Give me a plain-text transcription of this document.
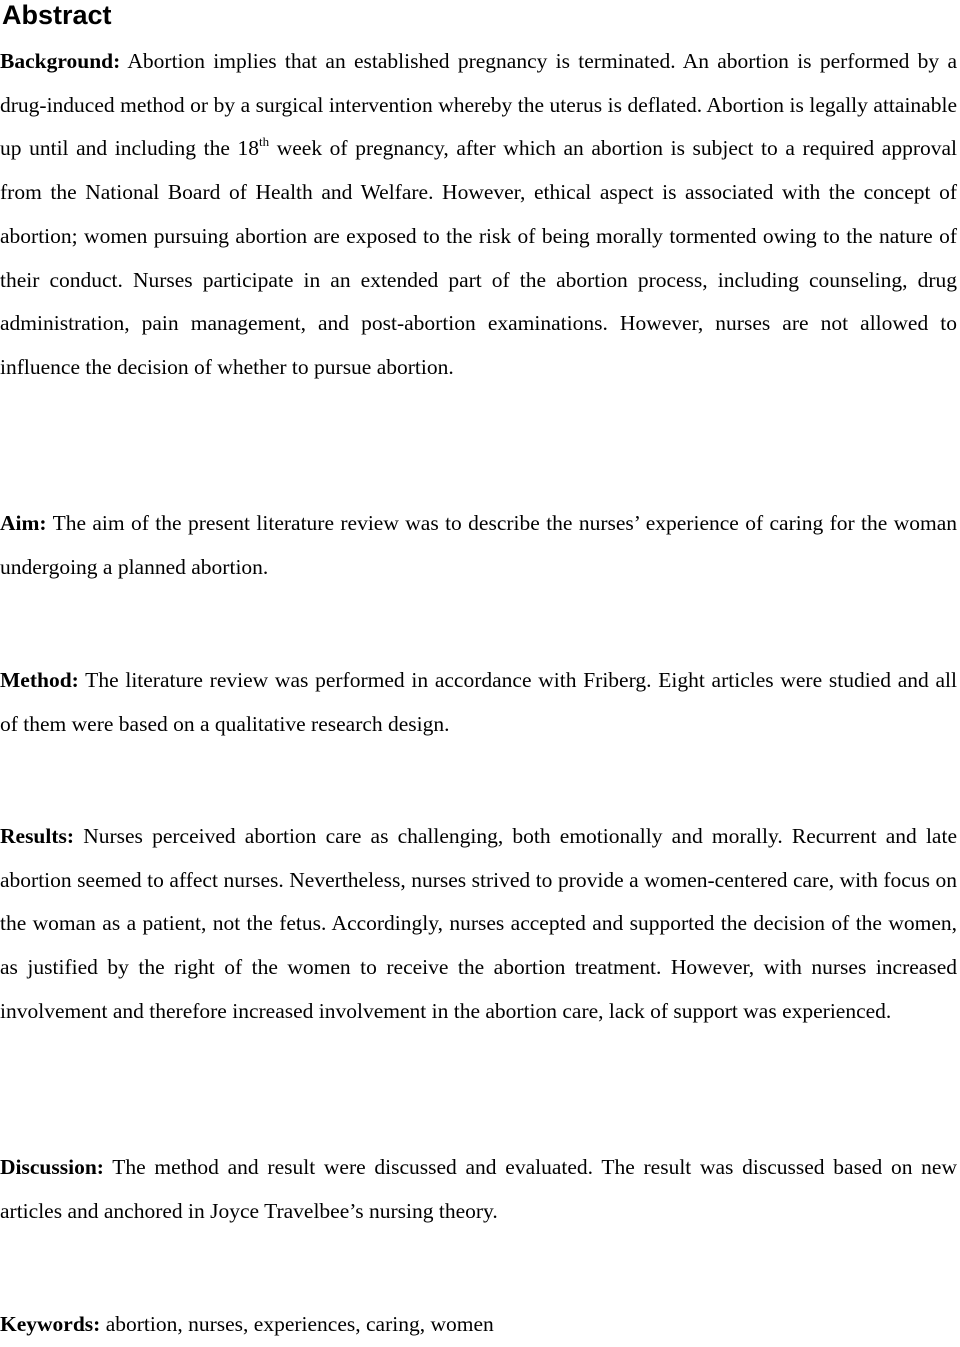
Abstract

Background: Abortion implies that an established pregnancy is terminated. An abortion is performed by a drug-induced method or by a surgical intervention whereby the uterus is deflated. Abortion is legally attainable up until and including the 18th week of pregnancy, after which an abortion is subject to a required approval from the National Board of Health and Welfare. However, ethical aspect is associated with the concept of abortion; women pursuing abortion are exposed to the risk of being morally tormented owing to the nature of their conduct. Nurses participate in an extended part of the abortion process, including counseling, drug administration, pain management, and post-abortion examinations. However, nurses are not allowed to influence the decision of whether to pursue abortion.

Aim: The aim of the present literature review was to describe the nurses’ experience of caring for the woman undergoing a planned abortion.

Method: The literature review was performed in accordance with Friberg. Eight articles were studied and all of them were based on a qualitative research design.

Results: Nurses perceived abortion care as challenging, both emotionally and morally. Recurrent and late abortion seemed to affect nurses. Nevertheless, nurses strived to provide a women-centered care, with focus on the woman as a patient, not the fetus. Accordingly, nurses accepted and supported the decision of the women, as justified by the right of the women to receive the abortion treatment. However, with nurses increased involvement and therefore increased involvement in the abortion care, lack of support was experienced.

Discussion: The method and result were discussed and evaluated. The result was discussed based on new articles and anchored in Joyce Travelbee’s nursing theory.

Keywords: abortion, nurses, experiences, caring, women
